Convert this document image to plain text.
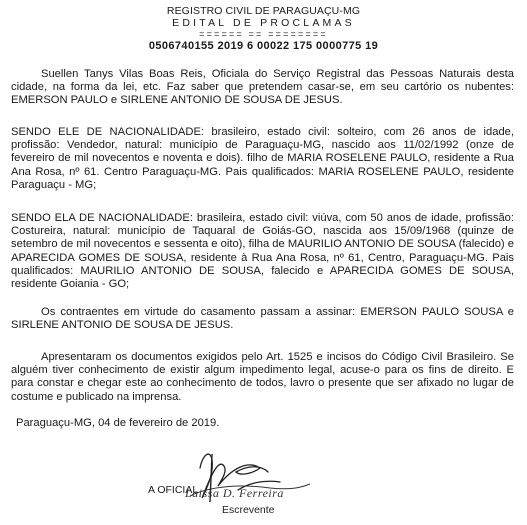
REGISTRO CIVIL DE PARAGUAÇU-MG
EDITAL DE PROCLAMAS
====== == ========
0506740155 2019 6 00022 175 0000775 19
Suellen Tanys Vilas Boas Reis, Oficiala do Serviço Registral das Pessoas Naturais desta cidade, na forma da lei, etc. Faz saber que pretendem casar-se, em seu cartório os nubentes: EMERSON PAULO e SIRLENE ANTONIO DE SOUSA DE JESUS.
SENDO ELE DE NACIONALIDADE: brasileiro, estado civil: solteiro, com 26 anos de idade, profissão: Vendedor, natural: município de Paraguaçu-MG, nascido aos 11/02/1992 (onze de fevereiro de mil novecentos e noventa e dois). filho de MARIA ROSELENE PAULO, residente a Rua Ana Rosa, nº 61. Centro Paraguaçu-MG. Pais qualificados: MARIA ROSELENE PAULO, residente Paraguaçu - MG;
SENDO ELA DE NACIONALIDADE: brasileira, estado civil: viúva, com 50 anos de idade, profissão: Costureira, natural: município de Taquaral de Goiás-GO, nascida aos 15/09/1968 (quinze de setembro de mil novecentos e sessenta e oito), filha de MAURILIO ANTONIO DE SOUSA (falecido) e APARECIDA GOMES DE SOUSA, residente à Rua Ana Rosa, nº 61, Centro, Paraguaçu-MG. Pais qualificados: MAURILIO ANTONIO DE SOUSA, falecido e APARECIDA GOMES DE SOUSA, residente Goiania - GO;
Os contraentes em virtude do casamento passam a assinar: EMERSON PAULO SOUSA e SIRLENE ANTONIO DE SOUSA DE JESUS.
Apresentaram os documentos exigidos pelo Art. 1525 e incisos do Código Civil Brasileiro. Se alguém tiver conhecimento de existir algum impedimento legal, acuse-o para os fins de direito. E para constar e chegar este ao conhecimento de todos, lavro o presente que ser afixado no lugar de costume e publicado na imprensa.
Paraguaçu-MG, 04 de fevereiro de 2019.
A OFICIAL
Laissa D. Ferreira
Escrevente
